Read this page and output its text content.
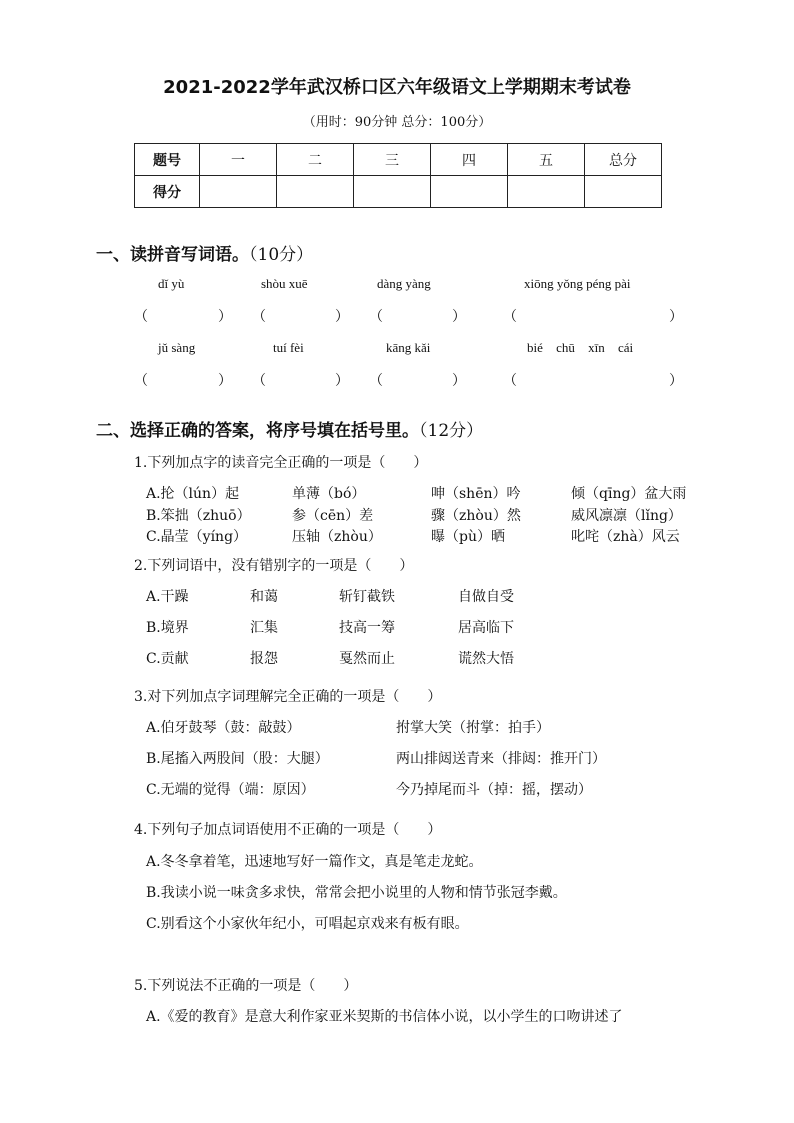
2021-2022学年武汉桥口区六年级语文上学期期末考试卷
（用时：90分钟 总分：100分）
题号	一	二	三	四	五	总分
得分						
一、读拼音写词语。（10分）
dǐ yù	shòu xuē	dàng yàng	xiōng yǒng péng pài
（	） （	） （	）	（	）
jǔ sàng	tuí fèi	kāng kǎi	bié chū xīn cái
（	） （	） （	）	（	）
二、选择正确的答案，将序号填在括号里。（12分）
1.下列加点字的读音完全正确的一项是（　　）
A.抡（lún）起	单薄（bó）	呻（shēn）吟	倾（qīng）盆大雨
B.笨拙（zhuō）	参（cēn）差	骤（zhòu）然	威风凛凛（lǐng）
C.晶莹（yíng）	压轴（zhòu）	曝（pù）晒	叱咤（zhà）风云
2.下列词语中，没有错别字的一项是（　　）
A.干躁	和蔼	斩钉截铁	自做自受
B.境界	汇集	技高一筹	居高临下
C.贡献	报怨	戛然而止	谎然大悟
3.对下列加点字词理解完全正确的一项是（　　）
A.伯牙鼓琴（鼓：敲鼓）	拊掌大笑（拊掌：拍手）
B.尾搐入两股间（股：大腿）	两山排闼送青来（排闼：推开门）
C.无端的觉得（端：原因）	今乃掉尾而斗（掉：摇，摆动）
4.下列句子加点词语使用不正确的一项是（　　）
A.冬冬拿着笔，迅速地写好一篇作文，真是笔走龙蛇。
B.我读小说一味贪多求快，常常会把小说里的人物和情节张冠李戴。
C.别看这个小家伙年纪小，可唱起京戏来有板有眼。
5.下列说法不正确的一项是（　　）
A.《爱的教育》是意大利作家亚米契斯的书信体小说，以小学生的口吻讲述了
